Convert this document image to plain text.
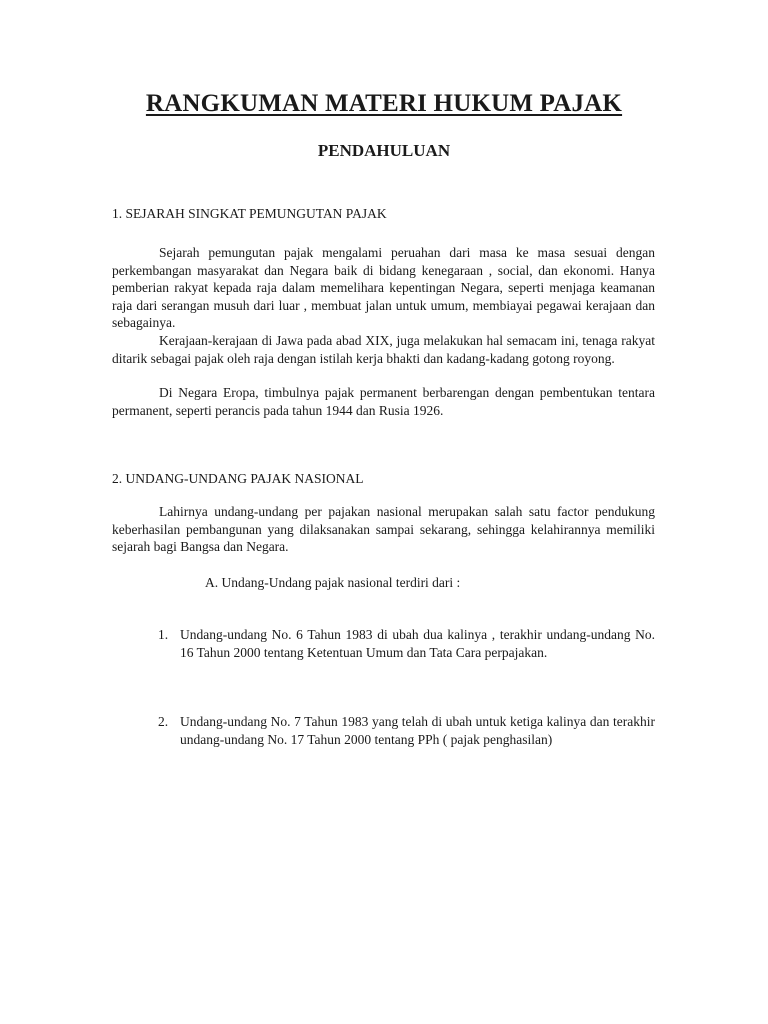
RANGKUMAN MATERI HUKUM PAJAK
PENDAHULUAN
1. SEJARAH SINGKAT PEMUNGUTAN PAJAK

Sejarah pemungutan pajak mengalami peruahan dari masa ke masa sesuai dengan perkembangan masyarakat dan Negara baik di bidang kenegaraan , social, dan ekonomi. Hanya pemberian rakyat kepada raja dalam memelihara kepentingan Negara, seperti menjaga keamanan raja dari serangan musuh dari luar , membuat jalan untuk umum, membiayai pegawai kerajaan dan sebagainya.

Kerajaan-kerajaan di Jawa pada abad XIX, juga melakukan hal semacam ini, tenaga rakyat ditarik sebagai pajak oleh raja dengan istilah kerja bhakti dan kadang-kadang gotong royong.

Di Negara Eropa, timbulnya pajak permanent berbarengan dengan pembentukan tentara permanent, seperti perancis pada tahun 1944 dan Rusia 1926.

2. UNDANG-UNDANG PAJAK NASIONAL

Lahirnya undang-undang per pajakan nasional merupakan salah satu factor pendukung keberhasilan pembangunan yang dilaksanakan sampai sekarang, sehingga kelahirannya memiliki sejarah bagi Bangsa dan Negara.

A. Undang-Undang pajak nasional terdiri dari :
1. Undang-undang No. 6 Tahun 1983 di ubah dua kalinya , terakhir undang-undang No. 16 Tahun 2000 tentang Ketentuan Umum dan Tata Cara perpajakan.
2. Undang-undang No. 7 Tahun 1983 yang telah di ubah untuk ketiga kalinya dan terakhir undang-undang No. 17 Tahun 2000 tentang PPh ( pajak penghasilan)
